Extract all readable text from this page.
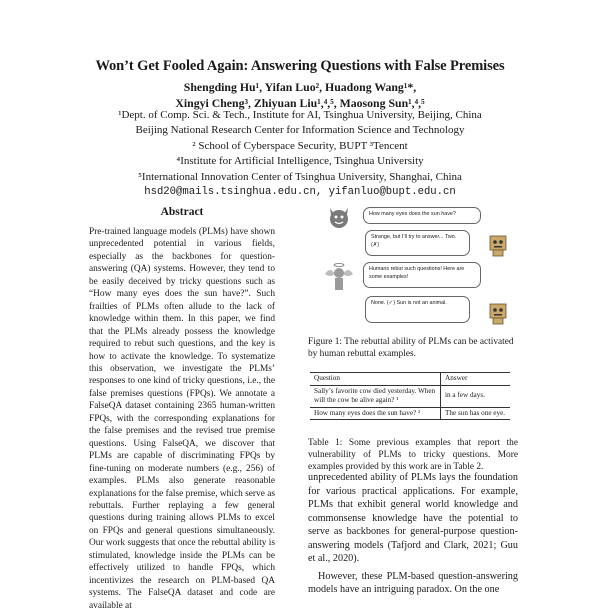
Won’t Get Fooled Again: Answering Questions with False Premises
Shengding Hu¹, Yifan Luo², Huadong Wang¹*,
Xingyi Cheng³, Zhiyuan Liu¹,⁴,⁵, Maosong Sun¹,⁴,⁵
¹Dept. of Comp. Sci. & Tech., Institute for AI, Tsinghua University, Beijing, China
Beijing National Research Center for Information Science and Technology
² School of Cyberspace Security, BUPT ³Tencent
⁴Institute for Artificial Intelligence, Tsinghua University
⁵International Innovation Center of Tsinghua University, Shanghai, China
hsd20@mails.tsinghua.edu.cn, yifanluo@bupt.edu.cn
Abstract

Pre-trained language models (PLMs) have shown unprecedented potential in various fields, especially as the backbones for question-answering (QA) systems. However, they tend to be easily deceived by tricky questions such as “How many eyes does the sun have?”. Such frailties of PLMs often allude to the lack of knowledge within them. In this paper, we find that the PLMs already possess the knowledge required to rebut such questions, and the key is how to activate the knowledge. To systematize this observation, we investigate the PLMs’ responses to one kind of tricky questions, i.e., the false premises questions (FPQs). We annotate a FalseQA dataset containing 2365 human-written FPQs, with the corresponding explanations for the false premises and the revised true premise questions. Using FalseQA, we discover that PLMs are capable of discriminating FPQs by fine-tuning on moderate numbers (e.g., 256) of examples. PLMs also generate reasonable explanations for the false premise, which serve as rebuttals. Further replaying a few general questions during training allows PLMs to excel on FPQs and general questions simultaneously. Our work suggests that once the rebuttal ability is stimulated, knowledge inside the PLMs can be effectively utilized to handle FPQs, which incentivizes the research on PLM-based QA systems. The FalseQA dataset and code are available at

How many eyes does the sun have?
Strange, but I’ll try to answer... Two. (✗)
Humans rebut such questions! Here are some examples!
None. (✓) Sun is not an animal.
Figure 1: The rebuttal ability of PLMs can be activated by human rebuttal examples.
Question	Answer
Sally’s favorite cow died yesterday. When will the cow be alive again? ¹	in a few days.
How many eyes does the sun have? ²	The sun has one eye.
Table 1: Some previous examples that report the vulnerability of PLMs to tricky questions. More examples provided by this work are in Table 2.

unprecedented ability of PLMs lays the foundation for various practical applications. For example, PLMs that exhibit general world knowledge and commonsense knowledge have the potential to serve as backbones for general-purpose question-answering models (Tafjord and Clark, 2021; Guu et al., 2020).

However, these PLM-based question-answering models have an intriguing paradox. On the one
